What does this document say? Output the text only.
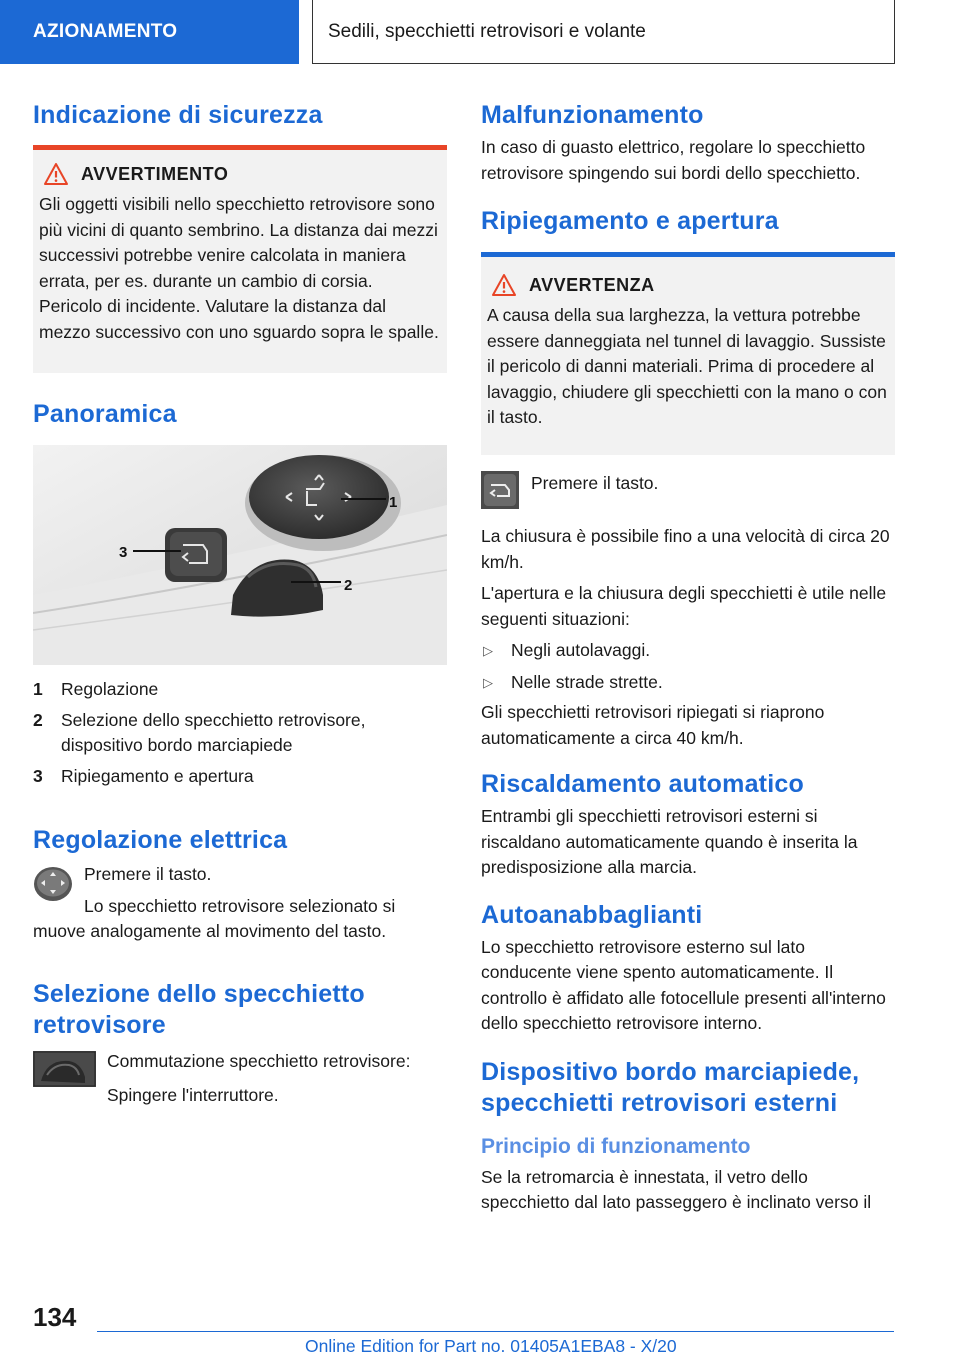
AZIONAMENTO	Sedili, specchietti retrovisori e volante
Indicazione di sicurezza
AVVERTIMENTO

Gli oggetti visibili nello specchietto retrovisore sono più vicini di quanto sembrino. La distanza dai mezzi successivi potrebbe venire calcolata in maniera errata, per es. durante un cambio di corsia. Pericolo di incidente. Valutare la distanza dal mezzo successivo con uno sguardo sopra le spalle.

Panoramica
1
2
3
1	Regolazione
2	Selezione dello specchietto retrovisore, dispositivo bordo marciapiede
3	Ripiegamento e apertura
Regolazione elettrica

Premere il tasto.

Lo specchietto retrovisore selezionato si muove analogamente al movimento del tasto.

Selezione dello specchietto retrovisore

Commutazione specchietto retrovisore:

Spingere l'interruttore.

Malfunzionamento

In caso di guasto elettrico, regolare lo specchietto retrovisore spingendo sui bordi dello specchietto.

Ripiegamento e apertura
AVVERTENZA

A causa della sua larghezza, la vettura potrebbe essere danneggiata nel tunnel di lavaggio. Sussiste il pericolo di danni materiali. Prima di procedere al lavaggio, chiudere gli specchietti con la mano o con il tasto.

Premere il tasto.

La chiusura è possibile fino a una velocità di circa 20 km/h.

L'apertura e la chiusura degli specchietti è utile nelle seguenti situazioni:

▷	Negli autolavaggi.
▷	Nelle strade strette.

Gli specchietti retrovisori ripiegati si riaprono automaticamente a circa 40 km/h.

Riscaldamento automatico

Entrambi gli specchietti retrovisori esterni si riscaldano automaticamente quando è inserita la predisposizione alla marcia.

Autoanabbaglianti

Lo specchietto retrovisore esterno sul lato conducente viene spento automaticamente. Il controllo è affidato alle fotocellule presenti all'interno dello specchietto retrovisore interno.

Dispositivo bordo marciapiede, specchietti retrovisori esterni
Principio di funzionamento

Se la retromarcia è innestata, il vetro dello specchietto dal lato passeggero è inclinato verso il

134
Online Edition for Part no. 01405A1EBA8 - X/20
